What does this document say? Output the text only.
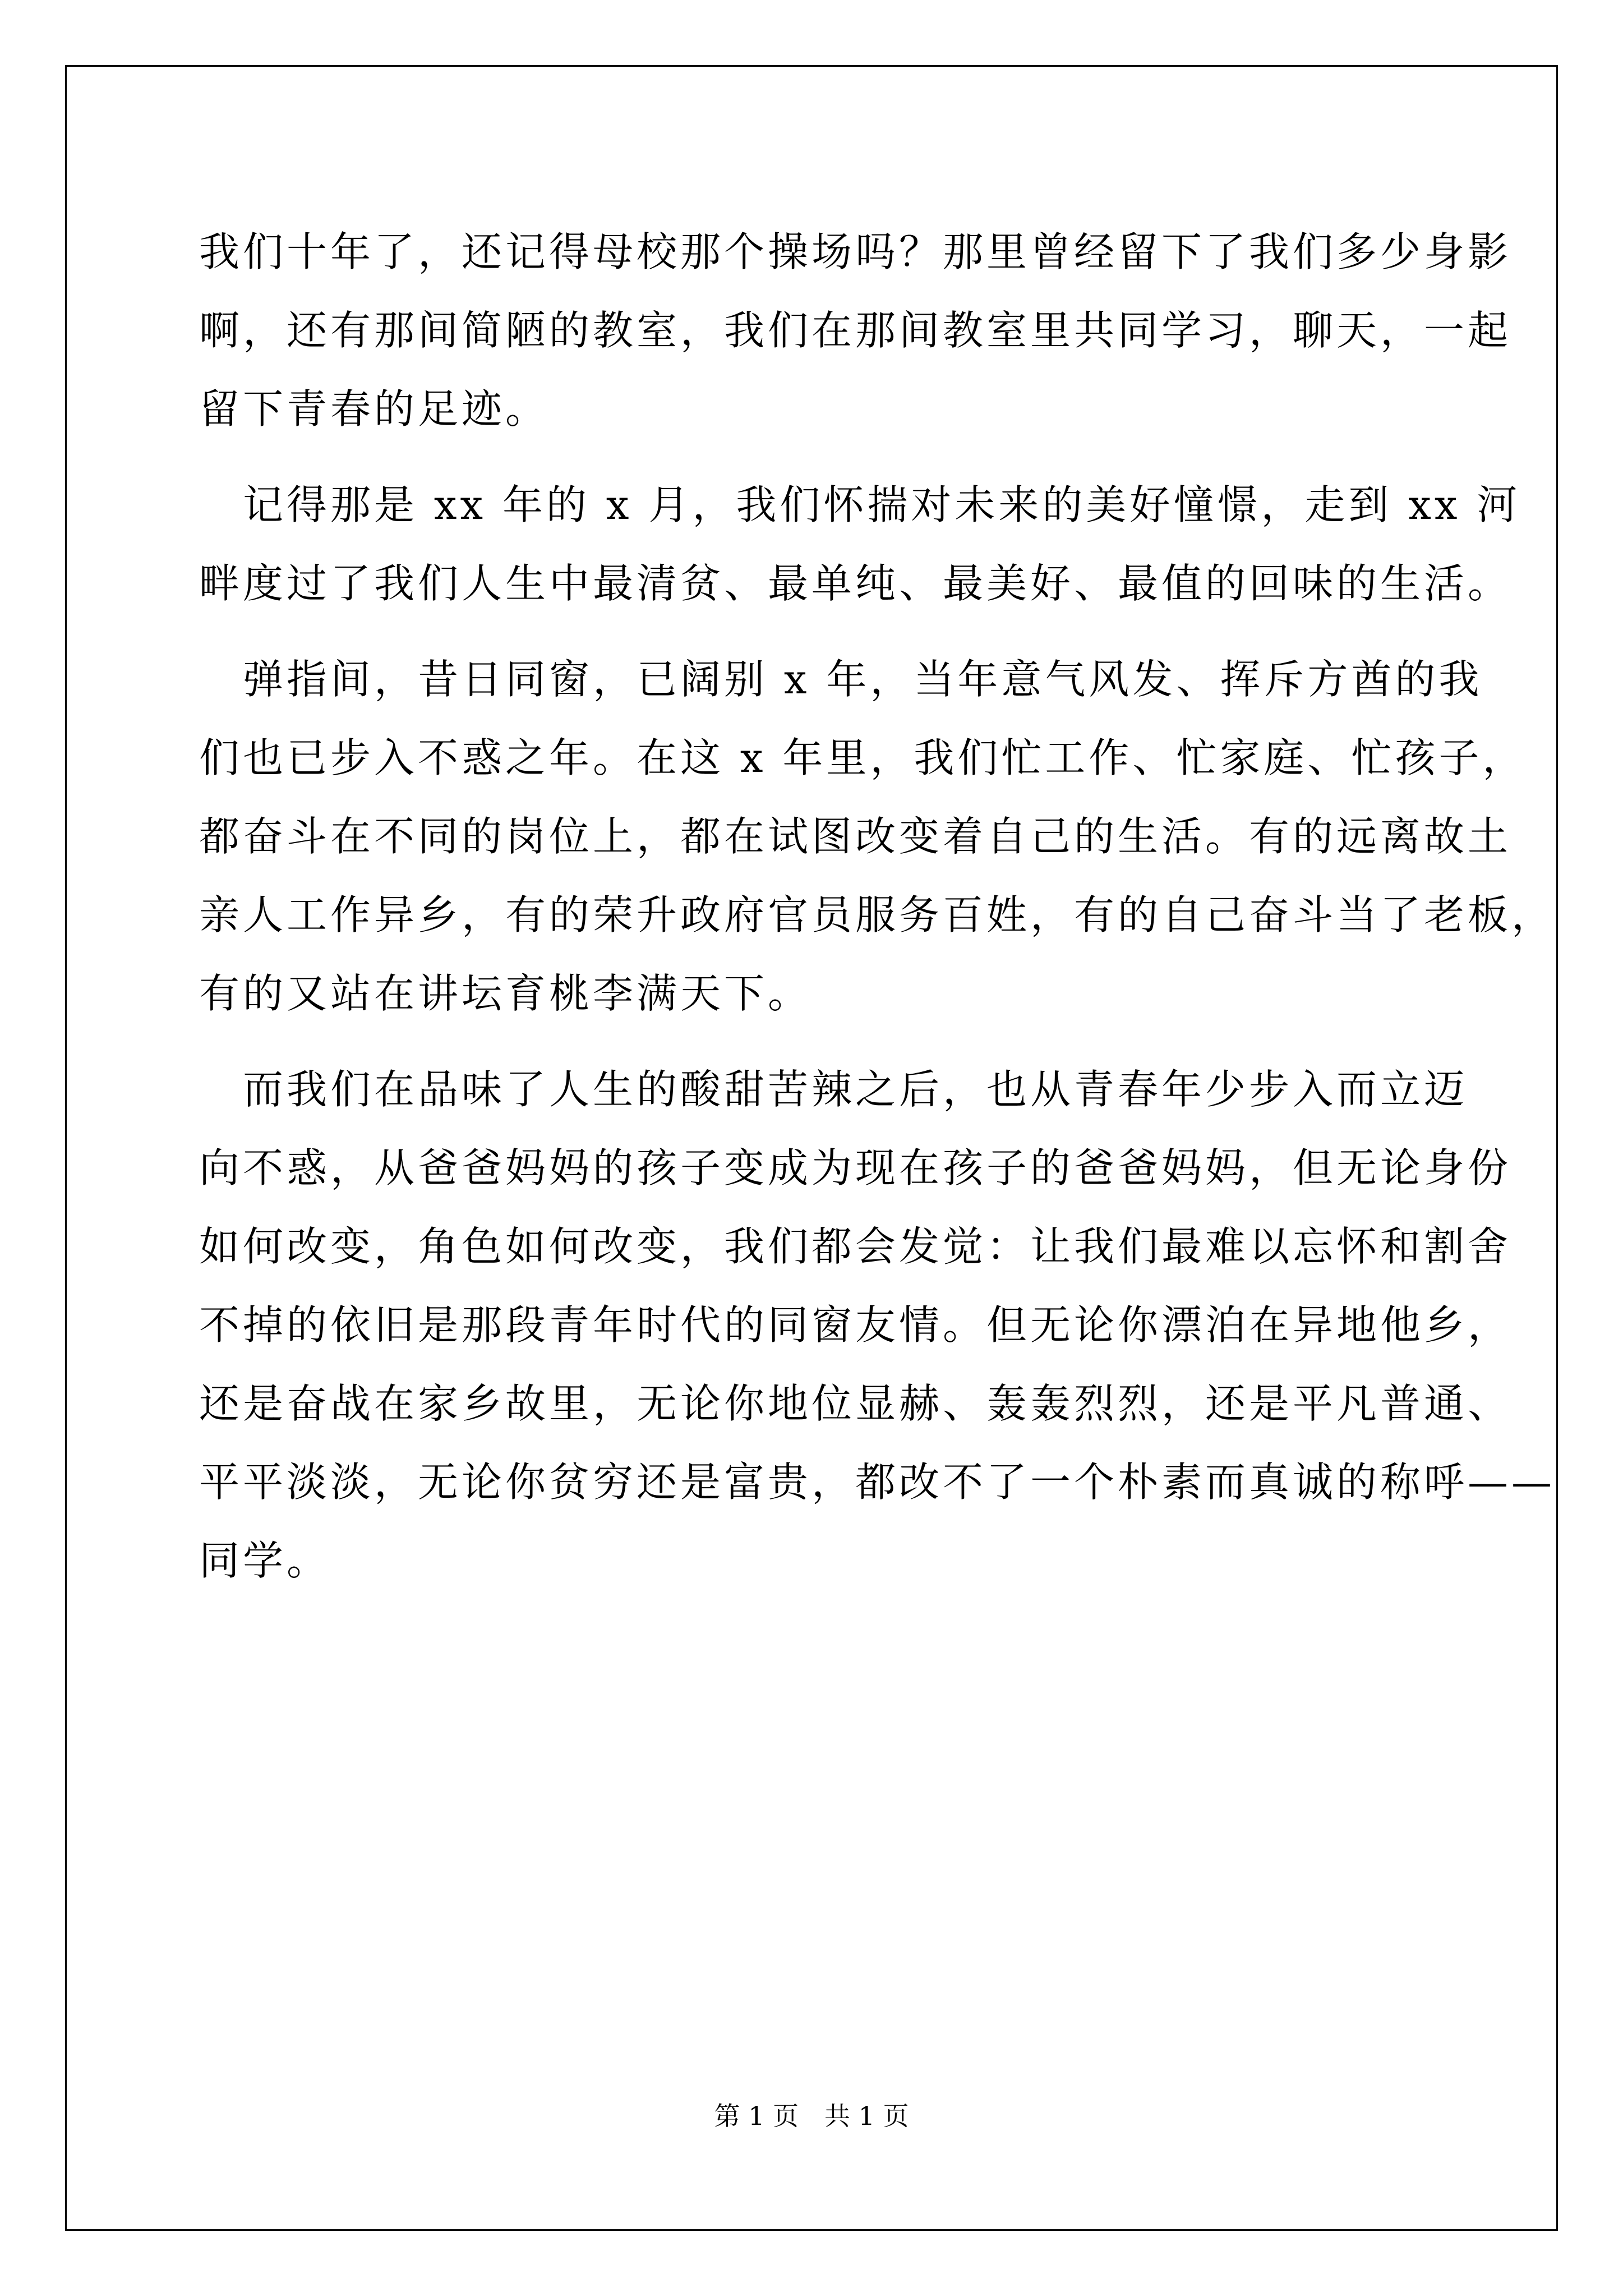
我们十年了，还记得母校那个操场吗？那里曾经留下了我们多少身影
啊，还有那间简陋的教室，我们在那间教室里共同学习，聊天，一起
留下青春的足迹。
　记得那是 xx 年的 x 月，我们怀揣对未来的美好憧憬，走到 xx 河
畔度过了我们人生中最清贫、最单纯、最美好、最值的回味的生活。
　弹指间，昔日同窗，已阔别 x 年，当年意气风发、挥斥方酋的我
们也已步入不惑之年。在这 x 年里，我们忙工作、忙家庭、忙孩子，
都奋斗在不同的岗位上，都在试图改变着自己的生活。有的远离故土
亲人工作异乡，有的荣升政府官员服务百姓，有的自己奋斗当了老板，
有的又站在讲坛育桃李满天下。
　而我们在品味了人生的酸甜苦辣之后，也从青春年少步入而立迈
向不惑，从爸爸妈妈的孩子变成为现在孩子的爸爸妈妈，但无论身份
如何改变，角色如何改变，我们都会发觉：让我们最难以忘怀和割舍
不掉的依旧是那段青年时代的同窗友情。但无论你漂泊在异地他乡，
还是奋战在家乡故里，无论你地位显赫、轰轰烈烈，还是平凡普通、
平平淡淡，无论你贫穷还是富贵，都改不了一个朴素而真诚的称呼——
同学。
第 1 页　共 1 页
